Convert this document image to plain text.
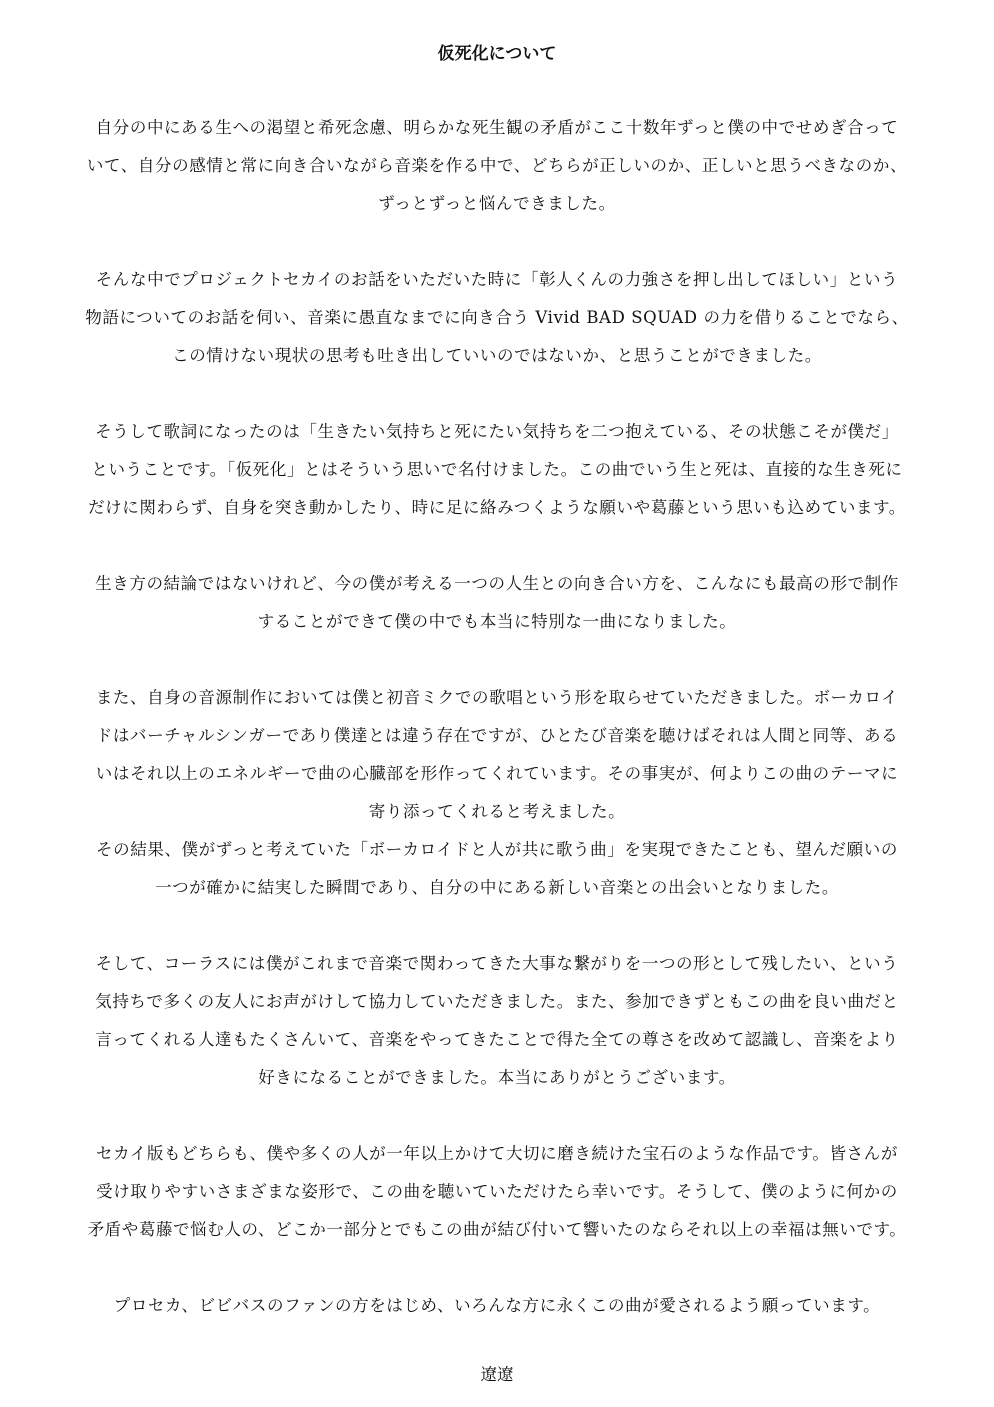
仮死化について
自分の中にある生への渇望と希死念慮、明らかな死生観の矛盾がここ十数年ずっと僕の中でせめぎ合って
いて、自分の感情と常に向き合いながら音楽を作る中で、どちらが正しいのか、正しいと思うべきなのか、
ずっとずっと悩んできました。
そんな中でプロジェクトセカイのお話をいただいた時に「彰人くんの力強さを押し出してほしい」という
物語についてのお話を伺い、音楽に愚直なまでに向き合う Vivid BAD SQUAD の力を借りることでなら、
この情けない現状の思考も吐き出していいのではないか、と思うことができました。
そうして歌詞になったのは「生きたい気持ちと死にたい気持ちを二つ抱えている、その状態こそが僕だ」
ということです。「仮死化」とはそういう思いで名付けました。この曲でいう生と死は、直接的な生き死に
だけに関わらず、自身を突き動かしたり、時に足に絡みつくような願いや葛藤という思いも込めています。
生き方の結論ではないけれど、今の僕が考える一つの人生との向き合い方を、こんなにも最高の形で制作
することができて僕の中でも本当に特別な一曲になりました。
また、自身の音源制作においては僕と初音ミクでの歌唱という形を取らせていただきました。ボーカロイ
ドはバーチャルシンガーであり僕達とは違う存在ですが、ひとたび音楽を聴けばそれは人間と同等、ある
いはそれ以上のエネルギーで曲の心臓部を形作ってくれています。その事実が、何よりこの曲のテーマに
寄り添ってくれると考えました。
その結果、僕がずっと考えていた「ボーカロイドと人が共に歌う曲」を実現できたことも、望んだ願いの
一つが確かに結実した瞬間であり、自分の中にある新しい音楽との出会いとなりました。
そして、コーラスには僕がこれまで音楽で関わってきた大事な繋がりを一つの形として残したい、という
気持ちで多くの友人にお声がけして協力していただきました。また、参加できずともこの曲を良い曲だと
言ってくれる人達もたくさんいて、音楽をやってきたことで得た全ての尊さを改めて認識し、音楽をより
好きになることができました。本当にありがとうございます。
セカイ版もどちらも、僕や多くの人が一年以上かけて大切に磨き続けた宝石のような作品です。皆さんが
受け取りやすいさまざまな姿形で、この曲を聴いていただけたら幸いです。そうして、僕のように何かの
矛盾や葛藤で悩む人の、どこか一部分とでもこの曲が結び付いて響いたのならそれ以上の幸福は無いです。
プロセカ、ビビバスのファンの方をはじめ、いろんな方に永くこの曲が愛されるよう願っています。
遼遼
